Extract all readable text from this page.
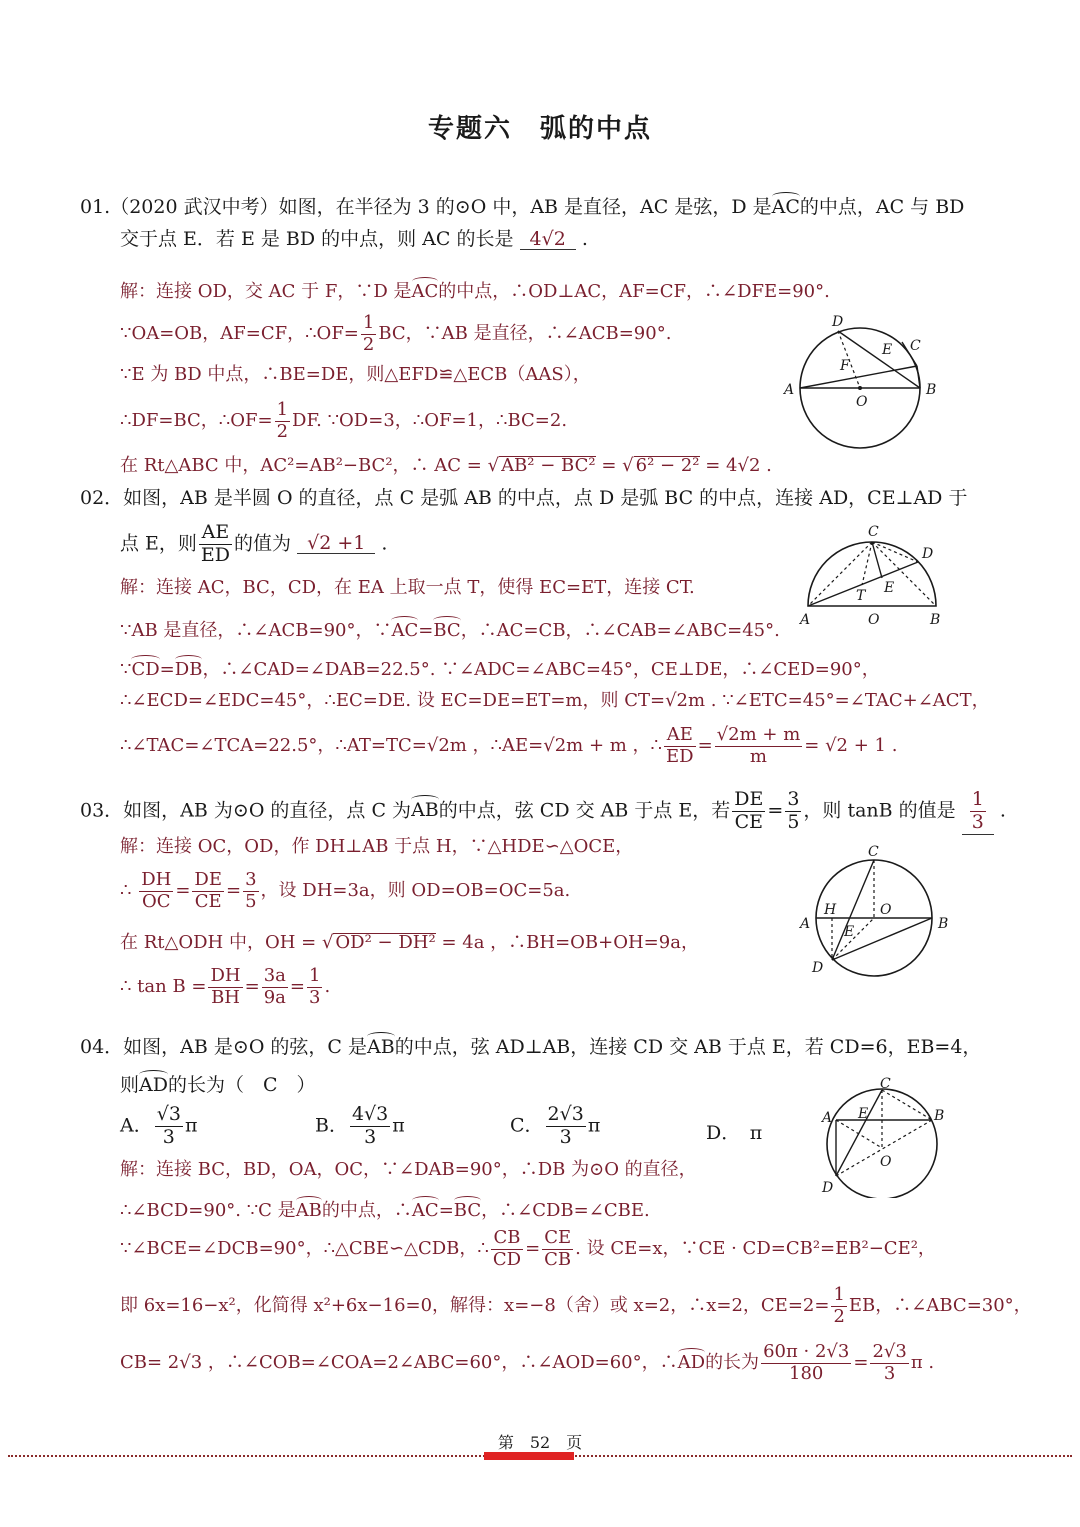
专题六　弧的中点
01.（2020 武汉中考）如图，在半径为 3 的⊙O 中，AB 是直径，AC 是弦，D 是AC的中点，AC 与 BD
交于点 E．若 E 是 BD 的中点，则 AC 的长是 4√2 .
解：连接 OD，交 AC 于 F，∵D 是AC的中点，∴OD⊥AC，AF=CF，∴∠DFE=90°.
∵OA=OB，AF=CF，∴OF= $\frac{1}{2}$ BC，∵AB 是直径，∴∠ACB=90°.
∵E 为 BD 中点，∴BE=DE，则△EFD≌△ECB（AAS），
∴DF=BC，∴OF= $\frac{1}{2}$ DF. ∵OD=3，∴OF=1，∴BC=2.
在 Rt△ABC 中，AC²=AB²−BC²，∴ AC = √ AB² − BC² = √ 6² − 2² = 4√2 .
D
C
E
F
A	B
O
02．如图，AB 是半圆 O 的直径，点 C 是弧 AB 的中点，点 D 是弧 BC 的中点，连接 AD，CE⊥AD 于
点 E，则 $\frac{AE}{ED}$ 的值为 √2 +1 .
解：连接 AC，BC，CD，在 EA 上取一点 T，使得 EC=ET，连接 CT.
∵AB 是直径，∴∠ACB=90°，∵AC=BC，∴AC=CB，∴∠CAB=∠ABC=45°.
∵CD=DB，∴∠CAD=∠DAB=22.5°. ∵∠ADC=∠ABC=45°，CE⊥DE，∴∠CED=90°，
∴∠ECD=∠EDC=45°，∴EC=DE. 设 EC=DE=ET=m，则 CT=√2m . ∵∠ETC=45°=∠TAC+∠ACT，
∴∠TAC=∠TCA=22.5°，∴AT=TC=√2m ，∴AE=√2m + m ，∴ $\frac{AE}{ED} = \frac{√2m + m}{m} = √2 + 1$ .
C
D
E
T
A	O	B
03．如图，AB 为⊙O 的直径，点 C 为AB的中点，弦 CD 交 AB 于点 E，若 $\frac{DE}{CE} = \frac{3}{5}$ ，则 tanB 的值是 $\frac{1}{3}$ .
解：连接 OC，OD，作 DH⊥AB 于点 H，∵△HDE∽△OCE，
∴ $\frac{DH}{OC} = \frac{DE}{CE} = \frac{3}{5}$ ，设 DH=3a，则 OD=OB=OC=5a.
在 Rt△ODH 中，OH = √ OD² − DH² = 4a ，∴BH=OB+OH=9a，
∴ $\tan B = \frac{DH}{BH} = \frac{3a}{9a} = \frac{1}{3}$ .
C
A	B
H	O
E
D
04．如图，AB 是⊙O 的弦，C 是AB的中点，弦 AD⊥AB，连接 CD 交 AB 于点 E，若 CD=6，EB=4，
则AD的长为（　C　）
A． $\frac{√3}{3}$ π	B． $\frac{4√3}{3}$ π	C． $\frac{2√3}{3}$ π	D．　π
解：连接 BC，BD，OA，OC，∵∠DAB=90°，∴DB 为⊙O 的直径，
∴∠BCD=90°. ∵C 是AB的中点，∴AC=BC，∴∠CDB=∠CBE.
∵∠BCE=∠DCB=90°，∴△CBE∽△CDB，∴ $\frac{CB}{CD} = \frac{CE}{CB}$ . 设 CE=x，∵CE · CD=CB²=EB²−CE²，
即 6x=16−x²，化简得 x²+6x−16=0，解得：x=−8（舍）或 x=2，∴x=2，$CE=2= \frac{1}{2}$ EB，∴∠ABC=30°，
CB= 2√3 ，∴∠COB=∠COA=2∠ABC=60°，∴∠AOD=60°，∴AD的长为 $\frac{60\pi \cdot 2√3}{180} = \frac{2√3}{3}$ π .
C
A	B
E
O
D
第　52　页
